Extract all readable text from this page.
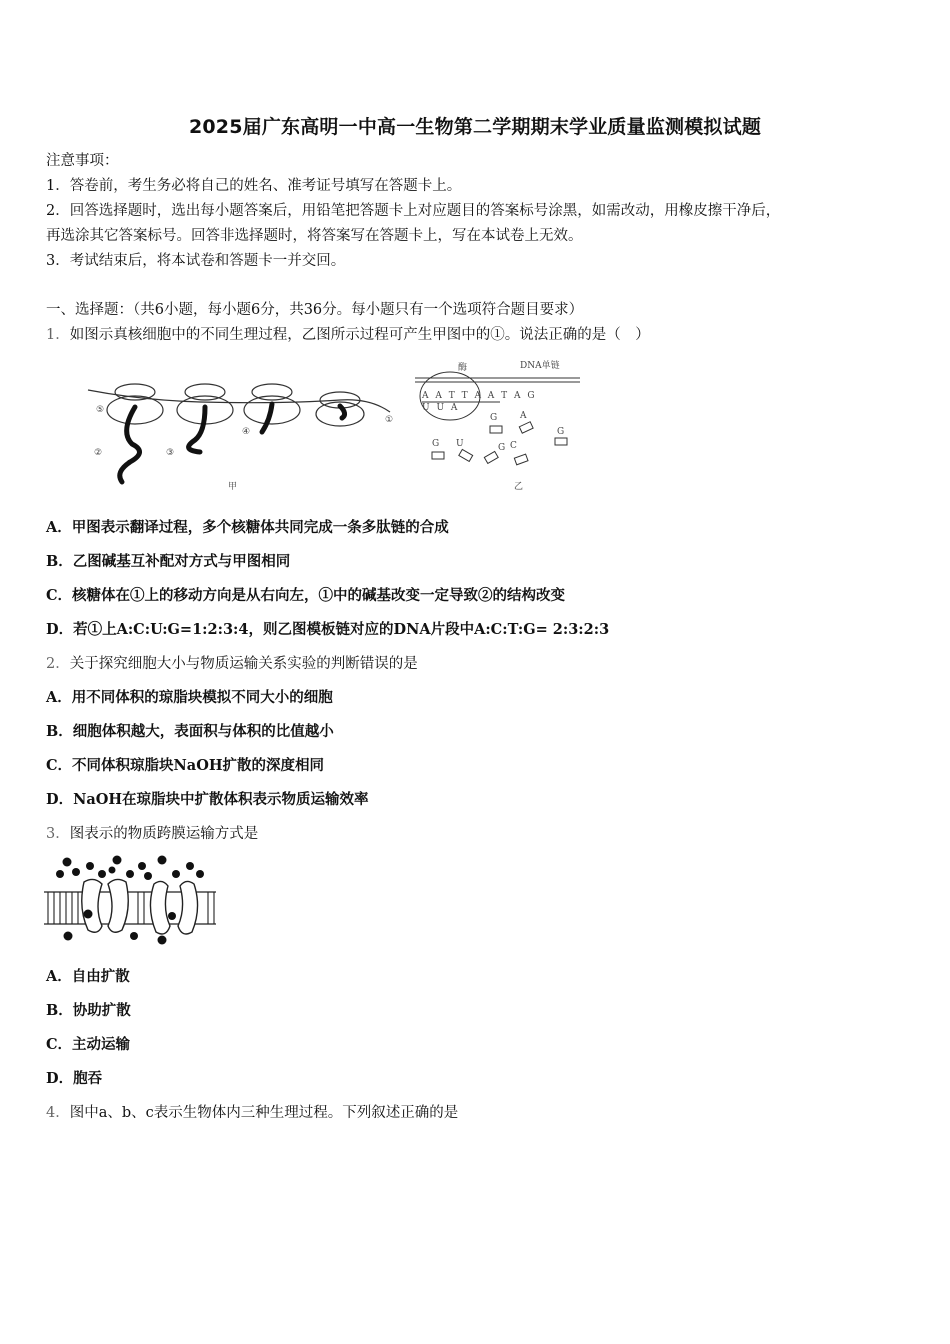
2025届广东高明一中高一生物第二学期期末学业质量监测模拟试题
注意事项：
1．答卷前，考生务必将自己的姓名、准考证号填写在答题卡上。
2．回答选择题时，选出每小题答案后，用铅笔把答题卡上对应题目的答案标号涂黑，如需改动，用橡皮擦干净后，
再选涂其它答案标号。回答非选择题时，将答案写在答题卡上，写在本试卷上无效。
3．考试结束后，将本试卷和答题卡一并交回。
一、选择题：（共6小题，每小题6分，共36分。每小题只有一个选项符合题目要求）
1．如图示真核细胞中的不同生理过程，乙图所示过程可产生甲图中的①。说法正确的是（　）
⑤
②	③
④
①
甲
酶	DNA单链
A A T T A A T A G
U U A
G	A
G
G U	G C
乙
A．甲图表示翻译过程，多个核糖体共同完成一条多肽链的合成
B．乙图碱基互补配对方式与甲图相同
C．核糖体在①上的移动方向是从右向左，①中的碱基改变一定导致②的结构改变
D．若①上A:C:U:G=1:2:3:4，则乙图模板链对应的DNA片段中A:C:T:G= 2:3:2:3
2．关于探究细胞大小与物质运输关系实验的判断错误的是
A．用不同体积的琼脂块模拟不同大小的细胞
B．细胞体积越大，表面积与体积的比值越小
C．不同体积琼脂块NaOH扩散的深度相同
D．NaOH在琼脂块中扩散体积表示物质运输效率
3．图表示的物质跨膜运输方式是
A．自由扩散
B．协助扩散
C．主动运输
D．胞吞
4．图中a、b、c表示生物体内三种生理过程。下列叙述正确的是
